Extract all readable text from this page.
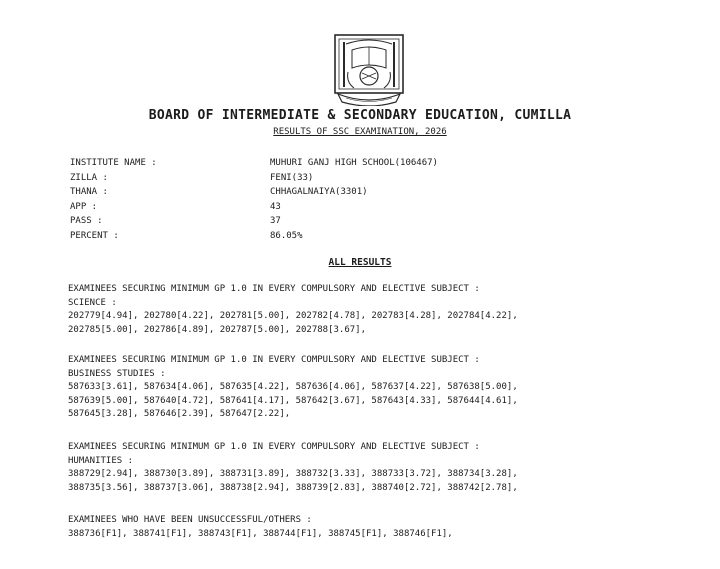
BOARD OF INTERMEDIATE & SECONDARY EDUCATION, CUMILLA
RESULTS OF SSC EXAMINATION, 2026
INSTITUTE NAME :
ZILLA :
THANA :
APP :
PASS :
PERCENT :
MUHURI GANJ HIGH SCHOOL(106467)
FENI(33)
CHHAGALNAIYA(3301)
43
37
86.05%
ALL RESULTS
EXAMINEES SECURING MINIMUM GP 1.0 IN EVERY COMPULSORY AND ELECTIVE SUBJECT :
SCIENCE :
202779[4.94], 202780[4.22], 202781[5.00], 202782[4.78], 202783[4.28], 202784[4.22],
202785[5.00], 202786[4.89], 202787[5.00], 202788[3.67],
EXAMINEES SECURING MINIMUM GP 1.0 IN EVERY COMPULSORY AND ELECTIVE SUBJECT :
BUSINESS STUDIES :
587633[3.61], 587634[4.06], 587635[4.22], 587636[4.06], 587637[4.22], 587638[5.00],
587639[5.00], 587640[4.72], 587641[4.17], 587642[3.67], 587643[4.33], 587644[4.61],
587645[3.28], 587646[2.39], 587647[2.22],
EXAMINEES SECURING MINIMUM GP 1.0 IN EVERY COMPULSORY AND ELECTIVE SUBJECT :
HUMANITIES :
388729[2.94], 388730[3.89], 388731[3.89], 388732[3.33], 388733[3.72], 388734[3.28],
388735[3.56], 388737[3.06], 388738[2.94], 388739[2.83], 388740[2.72], 388742[2.78],
EXAMINEES WHO HAVE BEEN UNSUCCESSFUL/OTHERS :
388736[F1], 388741[F1], 388743[F1], 388744[F1], 388745[F1], 388746[F1],
